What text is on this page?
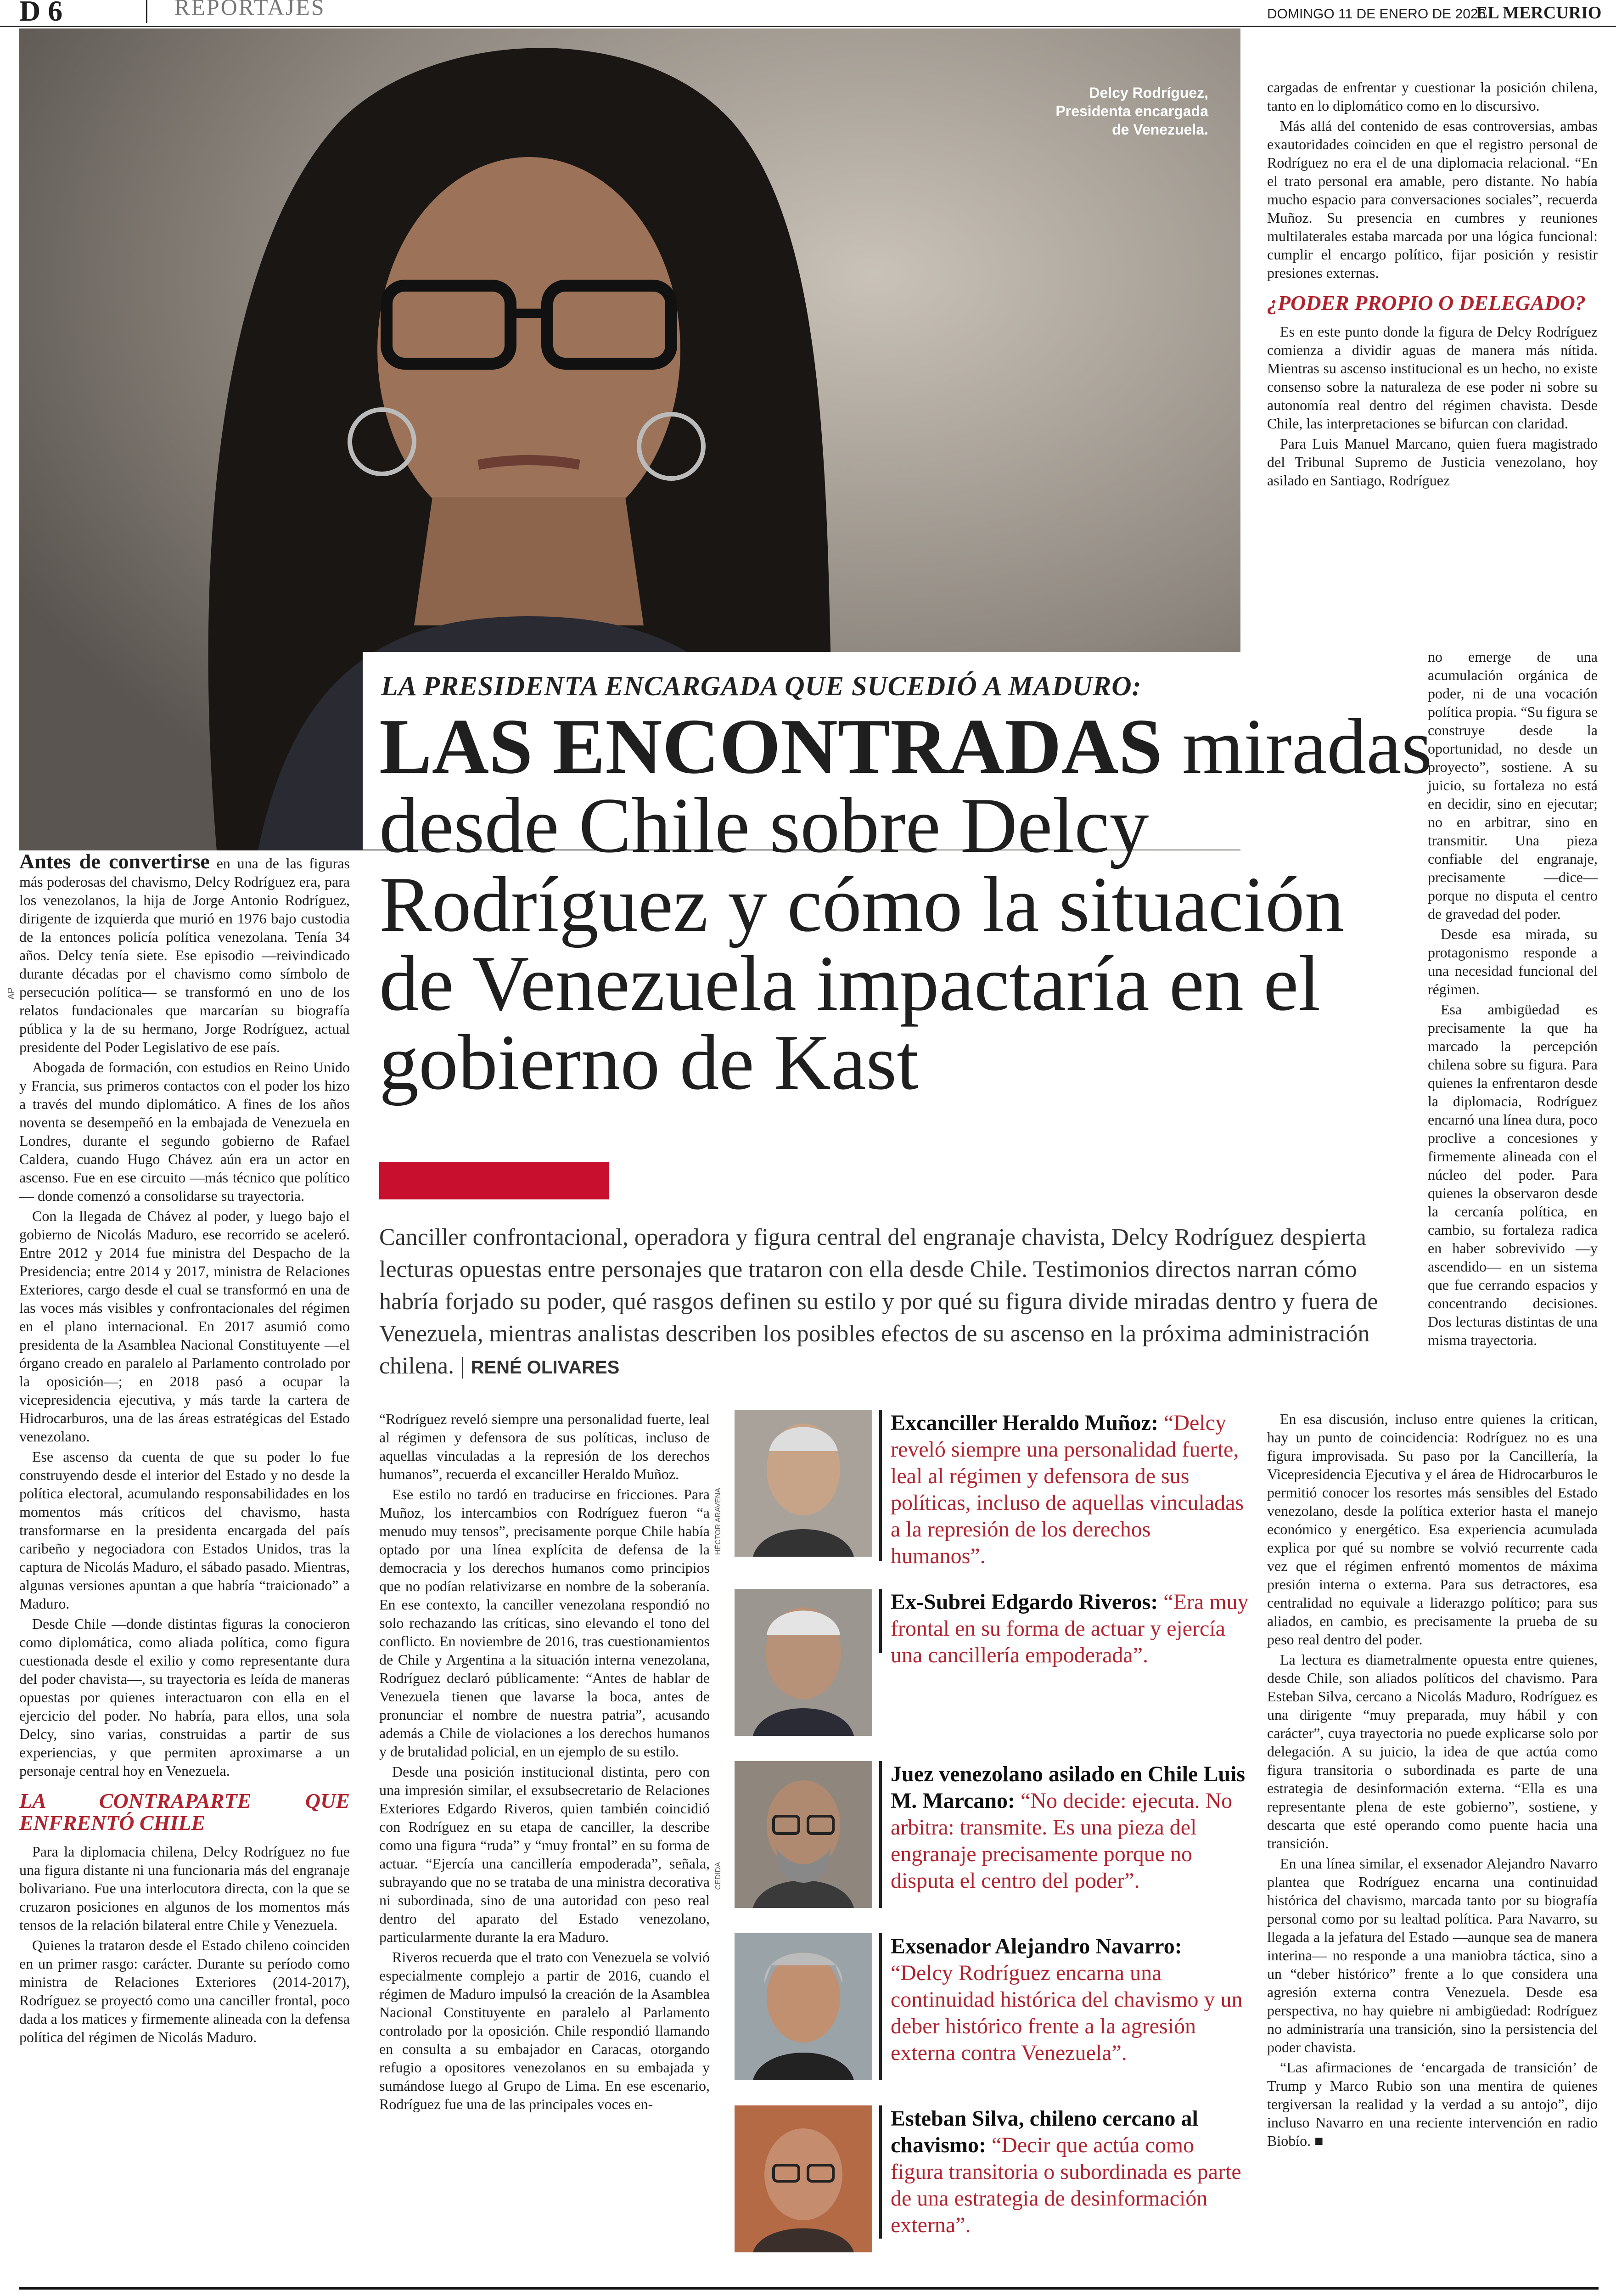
D 6	REPORTAJES	DOMINGO 11 DE ENERO DE 2026
EL MERCURIO
Delcy Rodríguez, Presidenta encargada de Venezuela.
AP
LA PRESIDENTA ENCARGADA QUE SUCEDIÓ A MADURO:
LAS ENCONTRADAS miradas desde Chile sobre Delcy Rodríguez y cómo la situación de Venezuela impactaría en el gobierno de Kast
Canciller confrontacional, operadora y figura central del engranaje chavista, Delcy Rodríguez despierta lecturas opuestas entre personajes que trataron con ella desde Chile. Testimonios directos narran cómo habría forjado su poder, qué rasgos definen su estilo y por qué su figura divide miradas dentro y fuera de Venezuela, mientras analistas describen los posibles efectos de su ascenso en la próxima administración chilena. | RENÉ OLIVARES

Antes de convertirse en una de las figuras más poderosas del chavismo, Delcy Rodríguez era, para los venezolanos, la hija de Jorge Antonio Rodríguez, dirigente de izquierda que murió en 1976 bajo custodia de la entonces policía política venezolana. Tenía 34 años. Delcy tenía siete. Ese episodio —reivindicado durante décadas por el chavismo como símbolo de persecución política— se transformó en uno de los relatos fundacionales que marcarían su biografía pública y la de su hermano, Jorge Rodríguez, actual presidente del Poder Legislativo de ese país.

Abogada de formación, con estudios en Reino Unido y Francia, sus primeros contactos con el poder los hizo a través del mundo diplomático. A fines de los años noventa se desempeñó en la embajada de Venezuela en Londres, durante el segundo gobierno de Rafael Caldera, cuando Hugo Chávez aún era un actor en ascenso. Fue en ese circuito —más técnico que político— donde comenzó a consolidarse su trayectoria.

Con la llegada de Chávez al poder, y luego bajo el gobierno de Nicolás Maduro, ese recorrido se aceleró. Entre 2012 y 2014 fue ministra del Despacho de la Presidencia; entre 2014 y 2017, ministra de Relaciones Exteriores, cargo desde el cual se transformó en una de las voces más visibles y confrontacionales del régimen en el plano internacional. En 2017 asumió como presidenta de la Asamblea Nacional Constituyente —el órgano creado en paralelo al Parlamento controlado por la oposición—; en 2018 pasó a ocupar la vicepresidencia ejecutiva, y más tarde la cartera de Hidrocarburos, una de las áreas estratégicas del Estado venezolano.

Ese ascenso da cuenta de que su poder lo fue construyendo desde el interior del Estado y no desde la política electoral, acumulando responsabilidades en los momentos más críticos del chavismo, hasta transformarse en la presidenta encargada del país caribeño y negociadora con Estados Unidos, tras la captura de Nicolás Maduro, el sábado pasado. Mientras, algunas versiones apuntan a que habría “traicionado” a Maduro.

Desde Chile —donde distintas figuras la conocieron como diplomática, como aliada política, como figura cuestionada desde el exilio y como representante dura del poder chavista—, su trayectoria es leída de maneras opuestas por quienes interactuaron con ella en el ejercicio del poder. No habría, para ellos, una sola Delcy, sino varias, construidas a partir de sus experiencias, y que permiten aproximarse a un personaje central hoy en Venezuela.

LA CONTRAPARTE QUE ENFRENTÓ CHILE

Para la diplomacia chilena, Delcy Rodríguez no fue una figura distante ni una funcionaria más del engranaje bolivariano. Fue una interlocutora directa, con la que se cruzaron posiciones en algunos de los momentos más tensos de la relación bilateral entre Chile y Venezuela.

Quienes la trataron desde el Estado chileno coinciden en un primer rasgo: carácter. Durante su período como ministra de Relaciones Exteriores (2014-2017), Rodríguez se proyectó como una canciller frontal, poco dada a los matices y firmemente alineada con la defensa política del régimen de Nicolás Maduro.

“Rodríguez reveló siempre una personalidad fuerte, leal al régimen y defensora de sus políticas, incluso de aquellas vinculadas a la represión de los derechos humanos”, recuerda el excanciller Heraldo Muñoz.

Ese estilo no tardó en traducirse en fricciones. Para Muñoz, los intercambios con Rodríguez fueron “a menudo muy tensos”, precisamente porque Chile había optado por una línea explícita de defensa de la democracia y los derechos humanos como principios que no podían relativizarse en nombre de la soberanía. En ese contexto, la canciller venezolana respondió no solo rechazando las críticas, sino elevando el tono del conflicto. En noviembre de 2016, tras cuestionamientos de Chile y Argentina a la situación interna venezolana, Rodríguez declaró públicamente: “Antes de hablar de Venezuela tienen que lavarse la boca, antes de pronunciar el nombre de nuestra patria”, acusando además a Chile de violaciones a los derechos humanos y de brutalidad policial, en un ejemplo de su estilo.

Desde una posición institucional distinta, pero con una impresión similar, el exsubsecretario de Relaciones Exteriores Edgardo Riveros, quien también coincidió con Rodríguez en su etapa de canciller, la describe como una figura “ruda” y “muy frontal” en su forma de actuar. “Ejercía una cancillería empoderada”, señala, subrayando que no se trataba de una ministra decorativa ni subordinada, sino de una autoridad con peso real dentro del aparato del Estado venezolano, particularmente durante la era Maduro.

Riveros recuerda que el trato con Venezuela se volvió especialmente complejo a partir de 2016, cuando el régimen de Maduro impulsó la creación de la Asamblea Nacional Constituyente en paralelo al Parlamento controlado por la oposición. Chile respondió llamando en consulta a su embajador en Caracas, otorgando refugio a opositores venezolanos en su embajada y sumándose luego al Grupo de Lima. En ese escenario, Rodríguez fue una de las principales voces en-

HÉCTOR ARAVENA
Excanciller Heraldo Muñoz: “Delcy reveló siempre una personalidad fuerte, leal al régimen y defensora de sus políticas, incluso de aquellas vinculadas a la represión de los derechos humanos”.
Ex-Subrei Edgardo Riveros: “Era muy frontal en su forma de actuar y ejercía una cancillería empoderada”.
CEDIDA
Juez venezolano asilado en Chile Luis M. Marcano: “No decide: ejecuta. No arbitra: transmite. Es una pieza del engranaje precisamente porque no disputa el centro del poder”.
Exsenador Alejandro Navarro: “Delcy Rodríguez encarna una continuidad histórica del chavismo y un deber histórico frente a la agresión externa contra Venezuela”.
Esteban Silva, chileno cercano al chavismo: “Decir que actúa como figura transitoria o subordinada es parte de una estrategia de desinformación externa”.

cargadas de enfrentar y cuestionar la posición chilena, tanto en lo diplomático como en lo discursivo.

Más allá del contenido de esas controversias, ambas exautoridades coinciden en que el registro personal de Rodríguez no era el de una diplomacia relacional. “En el trato personal era amable, pero distante. No había mucho espacio para conversaciones sociales”, recuerda Muñoz. Su presencia en cumbres y reuniones multilaterales estaba marcada por una lógica funcional: cumplir el encargo político, fijar posición y resistir presiones externas.

¿PODER PROPIO O DELEGADO?

Es en este punto donde la figura de Delcy Rodríguez comienza a dividir aguas de manera más nítida. Mientras su ascenso institucional es un hecho, no existe consenso sobre la naturaleza de ese poder ni sobre su autonomía real dentro del régimen chavista. Desde Chile, las interpretaciones se bifurcan con claridad.

Para Luis Manuel Marcano, quien fuera magistrado del Tribunal Supremo de Justicia venezolano, hoy asilado en Santiago, Rodríguez

no emerge de una acumulación orgánica de poder, ni de una vocación política propia. “Su figura se construye desde la oportunidad, no desde un proyecto”, sostiene. A su juicio, su fortaleza no está en decidir, sino en ejecutar; no en arbitrar, sino en transmitir. Una pieza confiable del engranaje, precisamente —dice— porque no disputa el centro de gravedad del poder.

Desde esa mirada, su protagonismo responde a una necesidad funcional del régimen.

Esa ambigüedad es precisamente la que ha marcado la percepción chilena sobre su figura. Para quienes la enfrentaron desde la diplomacia, Rodríguez encarnó una línea dura, poco proclive a concesiones y firmemente alineada con el núcleo del poder. Para quienes la observaron desde la cercanía política, en cambio, su fortaleza radica en haber sobrevivido —y ascendido— en un sistema que fue cerrando espacios y concentrando decisiones. Dos lecturas distintas de una misma trayectoria.

En esa discusión, incluso entre quienes la critican, hay un punto de coincidencia: Rodríguez no es una figura improvisada. Su paso por la Cancillería, la Vicepresidencia Ejecutiva y el área de Hidrocarburos le permitió conocer los resortes más sensibles del Estado venezolano, desde la política exterior hasta el manejo económico y energético. Esa experiencia acumulada explica por qué su nombre se volvió recurrente cada vez que el régimen enfrentó momentos de máxima presión interna o externa. Para sus detractores, esa centralidad no equivale a liderazgo político; para sus aliados, en cambio, es precisamente la prueba de su peso real dentro del poder.

La lectura es diametralmente opuesta entre quienes, desde Chile, son aliados políticos del chavismo. Para Esteban Silva, cercano a Nicolás Maduro, Rodríguez es una dirigente “muy preparada, muy hábil y con carácter”, cuya trayectoria no puede explicarse solo por delegación. A su juicio, la idea de que actúa como figura transitoria o subordinada es parte de una estrategia de desinformación externa. “Ella es una representante plena de este gobierno”, sostiene, y descarta que esté operando como puente hacia una transición.

En una línea similar, el exsenador Alejandro Navarro plantea que Rodríguez encarna una continuidad histórica del chavismo, marcada tanto por su biografía personal como por su lealtad política. Para Navarro, su llegada a la jefatura del Estado —aunque sea de manera interina— no responde a una maniobra táctica, sino a un “deber histórico” frente a lo que considera una agresión externa contra Venezuela. Desde esa perspectiva, no hay quiebre ni ambigüedad: Rodríguez no administraría una transición, sino la persistencia del poder chavista.

“Las afirmaciones de ‘encargada de transición’ de Trump y Marco Rubio son una mentira de quienes tergiversan la realidad y la verdad a su antojo”, dijo incluso Navarro en una reciente intervención en radio Biobío. ■
